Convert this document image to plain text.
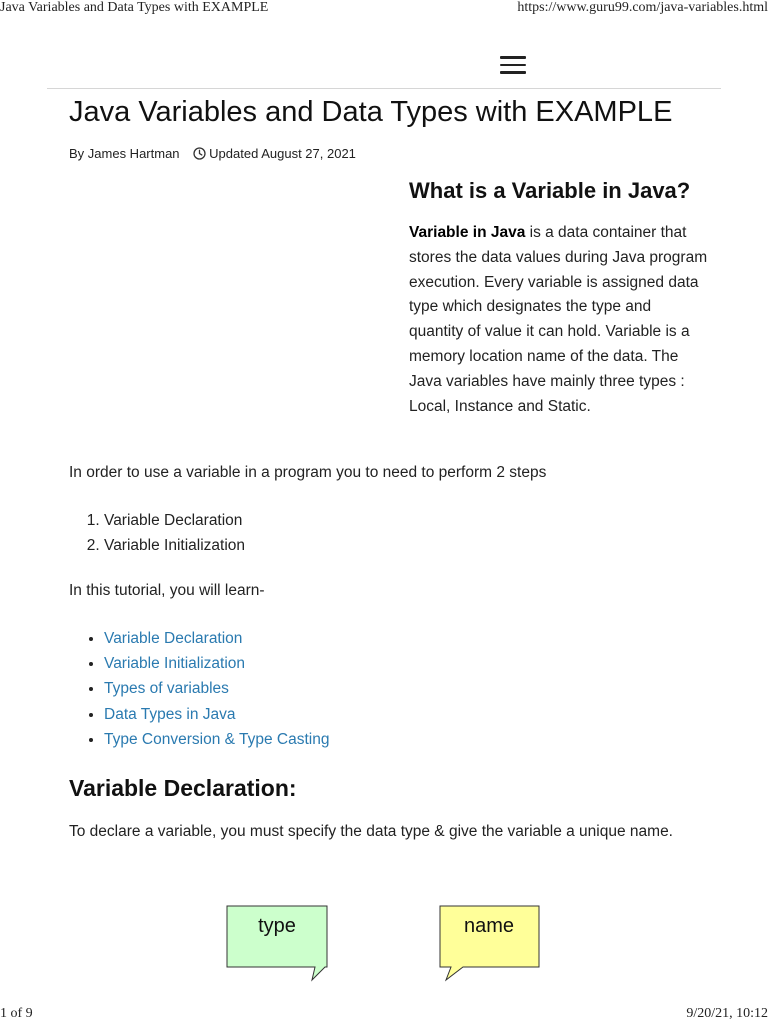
Java Variables and Data Types with EXAMPLE	https://www.guru99.com/java-variables.html
Java Variables and Data Types with EXAMPLE
By James Hartman Updated August 27, 2021
What is a Variable in Java?

Variable in Java is a data container that stores the data values during Java program execution. Every variable is assigned data type which designates the type and quantity of value it can hold. Variable is a memory location name of the data. The Java variables have mainly three types : Local, Instance and Static.

In order to use a variable in a program you to need to perform 2 steps

1. Variable Declaration
2. Variable Initialization

In this tutorial, you will learn-

• Variable Declaration
• Variable Initialization
• Types of variables
• Data Types in Java
• Type Conversion & Type Casting
Variable Declaration:

To declare a variable, you must specify the data type & give the variable a unique name.

type	name
1 of 9	9/20/21, 10:12
